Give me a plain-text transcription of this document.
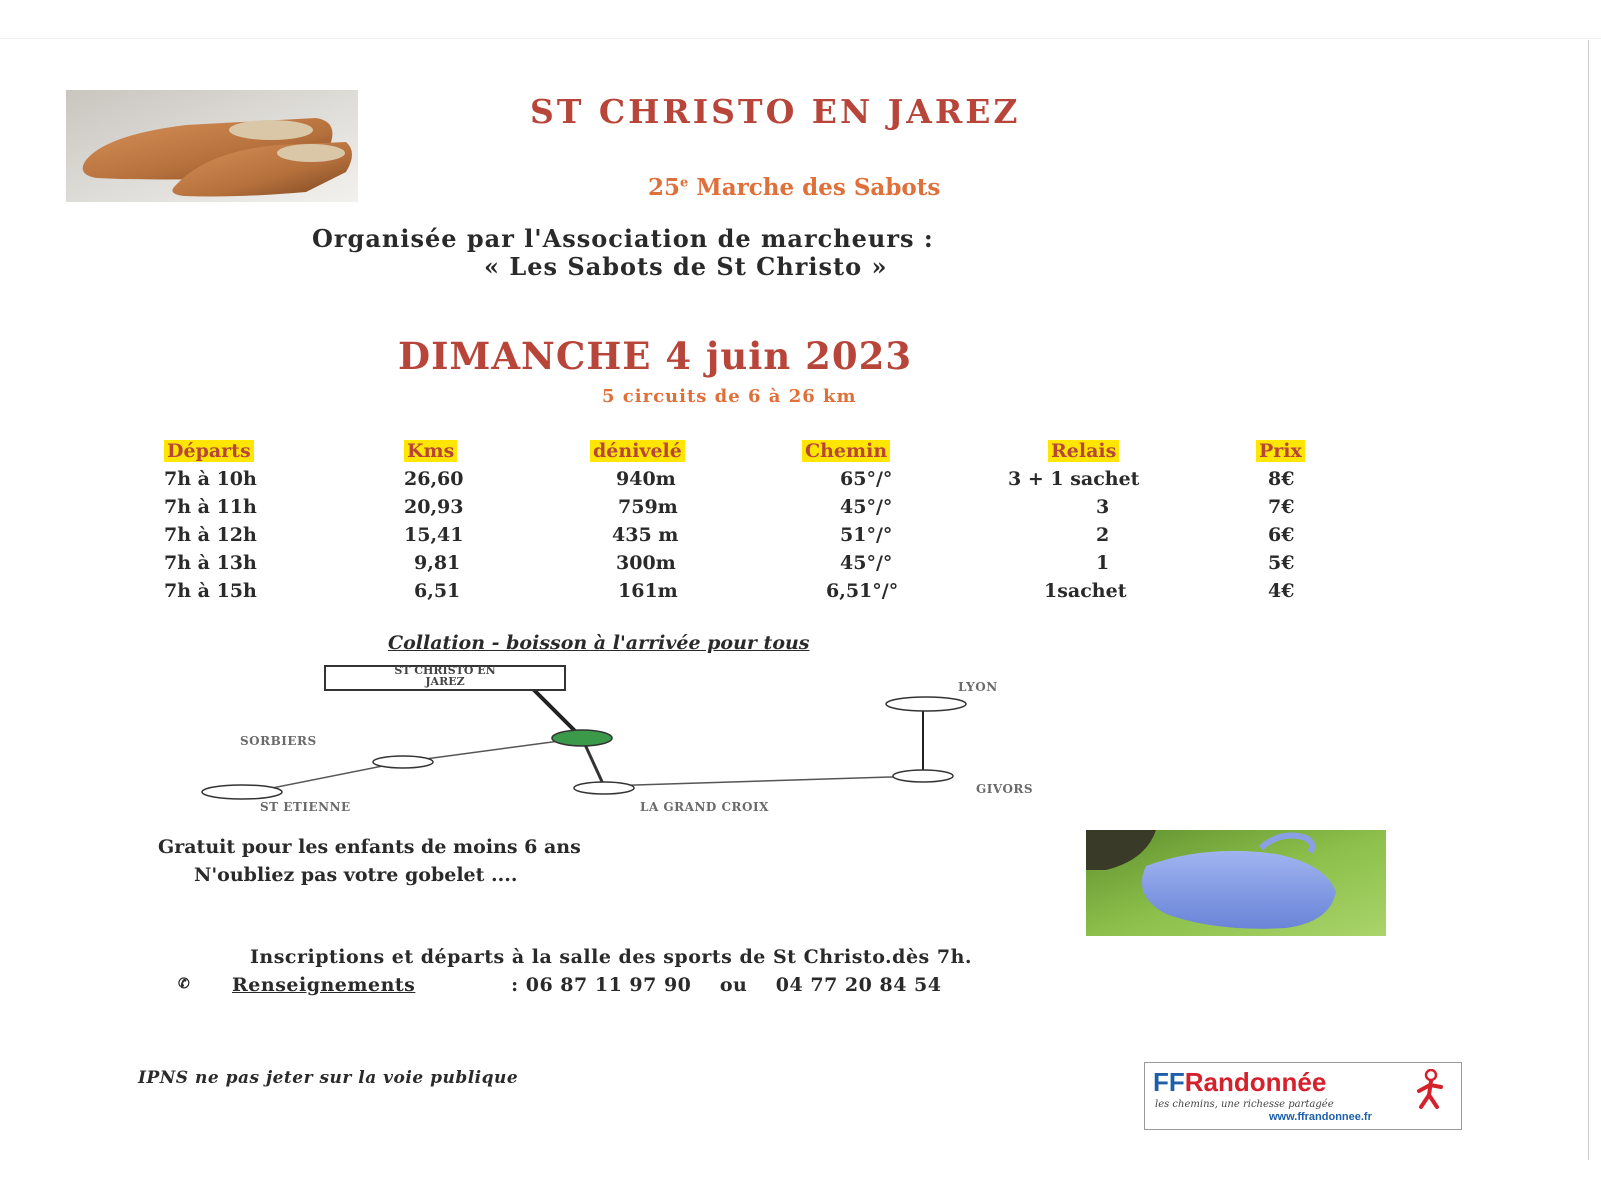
ST CHRISTO EN JAREZ
25e Marche des Sabots
Organisée par l'Association de marcheurs :
« Les Sabots de St Christo »
DIMANCHE 4 juin 2023
5 circuits de 6 à 26 km
Départs	Kms	dénivelé	Chemin	Relais	Prix
7h à 10h	26,60	940m	65°/°	3 + 1 sachet	8€
7h à 11h	20,93	759m	45°/°	3	7€
7h à 12h	15,41	435 m	51°/°	2	6€
7h à 13h	9,81	300m	45°/°	1	5€
7h à 15h	6,51	161m	6,51°/°	1sachet	4€
Collation - boisson à l'arrivée pour tous
ST CHRISTO EN
JAREZ
SORBIERS
ST ETIENNE	LA GRAND CROIX
GIVORS
LYON
Gratuit pour les enfants de moins 6 ans
N'oubliez pas votre gobelet ....
Inscriptions et départs à la salle des sports de St Christo.dès 7h.
✆ Renseignements	: 06 87 11 97 90    ou    04 77 20 84 54
IPNS ne pas jeter sur la voie publique	FFRandonnée
les chemins, une richesse partagée
www.ffrandonnee.fr
